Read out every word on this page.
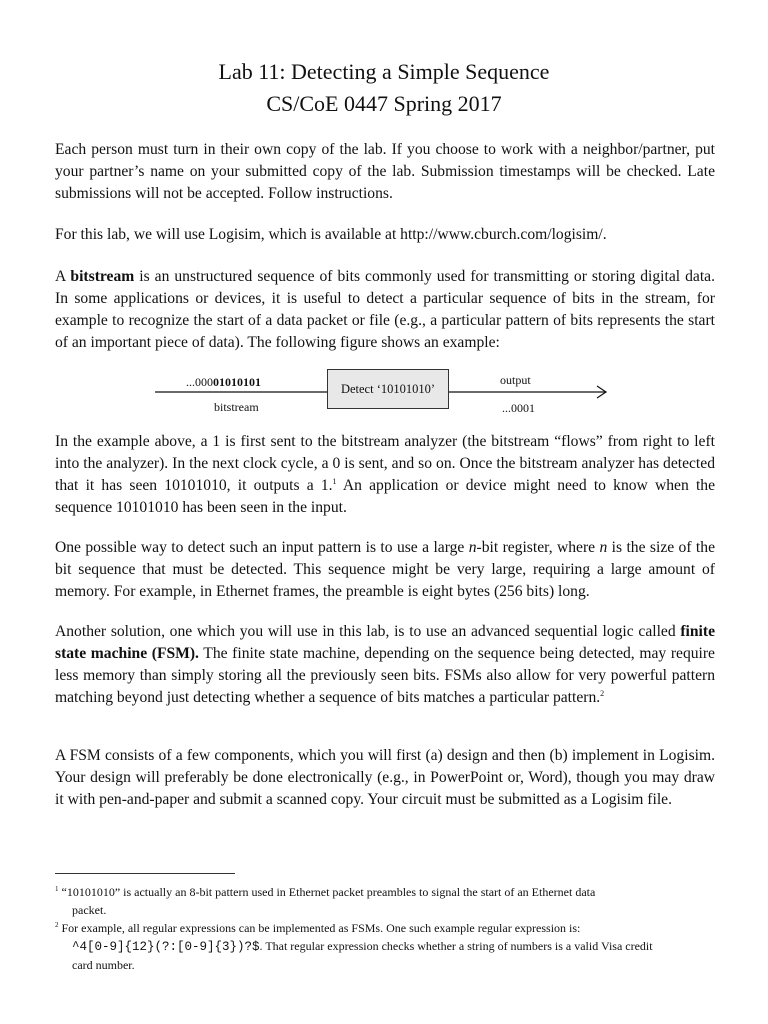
Lab 11: Detecting a Simple Sequence
CS/CoE 0447 Spring 2017

Each person must turn in their own copy of the lab. If you choose to work with a neighbor/partner, put your partner’s name on your submitted copy of the lab. Submission timestamps will be checked. Late submissions will not be accepted. Follow instructions.

For this lab, we will use Logisim, which is available at http://www.cburch.com/logisim/.

A bitstream is an unstructured sequence of bits commonly used for transmitting or storing digital data. In some applications or devices, it is useful to detect a particular sequence of bits in the stream, for example to recognize the start of a data packet or file (e.g., a particular pattern of bits represents the start of an important piece of data). The following figure shows an example:

...00001010101
bitstream
Detect ‘10101010’
output
...0001

In the example above, a 1 is first sent to the bitstream analyzer (the bitstream “flows” from right to left into the analyzer). In the next clock cycle, a 0 is sent, and so on. Once the bitstream analyzer has detected that it has seen 10101010, it outputs a 1.$^1$ An application or device might need to know when the sequence 10101010 has been seen in the input.

One possible way to detect such an input pattern is to use a large n-bit register, where n is the size of the bit sequence that must be detected. This sequence might be very large, requiring a large amount of memory. For example, in Ethernet frames, the preamble is eight bytes (256 bits) long.

Another solution, one which you will use in this lab, is to use an advanced sequential logic called finite state machine (FSM). The finite state machine, depending on the sequence being detected, may require less memory than simply storing all the previously seen bits. FSMs also allow for very powerful pattern matching beyond just detecting whether a sequence of bits matches a particular pattern.$^2$

A FSM consists of a few components, which you will first (a) design and then (b) implement in Logisim. Your design will preferably be done electronically (e.g., in PowerPoint or, Word), though you may draw it with pen-and-paper and submit a scanned copy. Your circuit must be submitted as a Logisim file.

$^1$ “10101010” is actually an 8-bit pattern used in Ethernet packet preambles to signal the start of an Ethernet data
packet.

$^2$ For example, all regular expressions can be implemented as FSMs. One such example regular expression is:
^4[0-9]{12}(?:[0-9]{3})?$. That regular expression checks whether a string of numbers is a valid Visa credit
card number.
